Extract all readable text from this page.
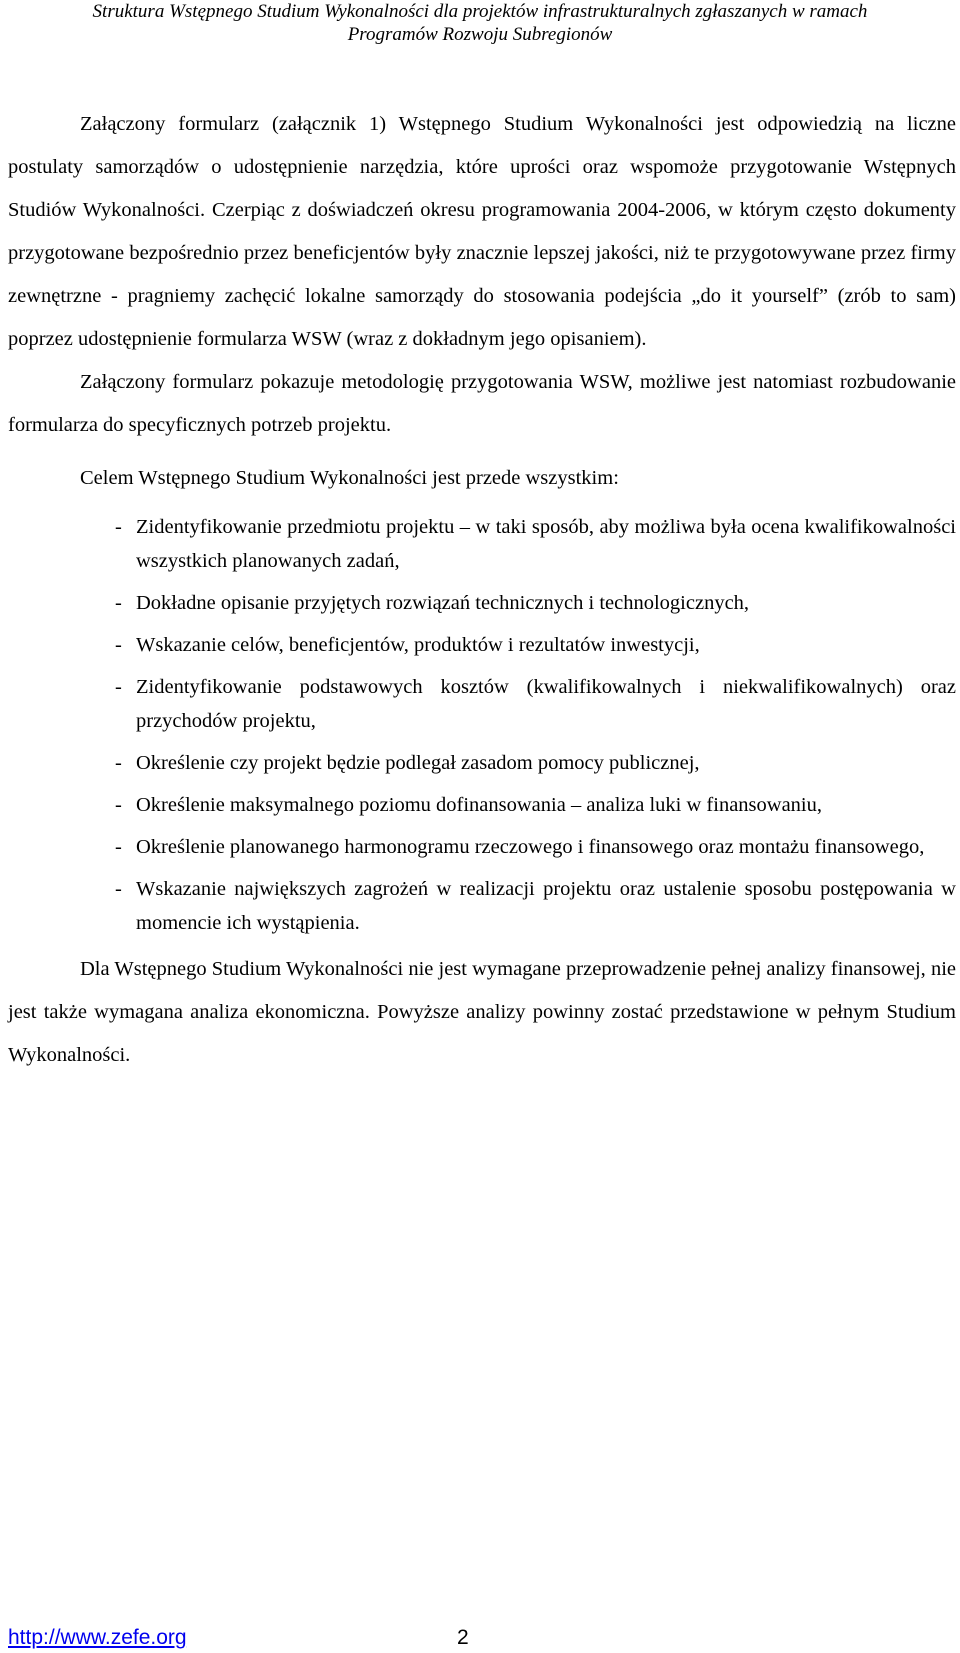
Struktura Wstępnego Studium Wykonalności dla projektów infrastrukturalnych zgłaszanych w ramach
Programów Rozwoju Subregionów

Załączony formularz (załącznik 1) Wstępnego Studium Wykonalności jest odpowiedzią na liczne postulaty samorządów o udostępnienie narzędzia, które uprości oraz wspomoże przygotowanie Wstępnych Studiów Wykonalności. Czerpiąc z doświadczeń okresu programowania 2004-2006, w którym często dokumenty przygotowane bezpośrednio przez beneficjentów były znacznie lepszej jakości, niż te przygotowywane przez firmy zewnętrzne - pragniemy zachęcić lokalne samorządy do stosowania podejścia „do it yourself” (zrób to sam) poprzez udostępnienie formularza WSW (wraz z dokładnym jego opisaniem).

Załączony formularz pokazuje metodologię przygotowania WSW, możliwe jest natomiast rozbudowanie formularza do specyficznych potrzeb projektu.

Celem Wstępnego Studium Wykonalności jest przede wszystkim:

- Zidentyfikowanie przedmiotu projektu – w taki sposób, aby możliwa była ocena kwalifikowalności wszystkich planowanych zadań,
- Dokładne opisanie przyjętych rozwiązań technicznych i technologicznych,
- Wskazanie celów, beneficjentów, produktów i rezultatów inwestycji,
- Zidentyfikowanie podstawowych kosztów (kwalifikowalnych i niekwalifikowalnych) oraz przychodów projektu,
- Określenie czy projekt będzie podlegał zasadom pomocy publicznej,
- Określenie maksymalnego poziomu dofinansowania – analiza luki w finansowaniu,
- Określenie planowanego harmonogramu rzeczowego i finansowego oraz montażu finansowego,
- Wskazanie największych zagrożeń w realizacji projektu oraz ustalenie sposobu postępowania w momencie ich wystąpienia.

Dla Wstępnego Studium Wykonalności nie jest wymagane przeprowadzenie pełnej analizy finansowej, nie jest także wymagana analiza ekonomiczna. Powyższe analizy powinny zostać przedstawione w pełnym Studium Wykonalności.

http://www.zefe.org	2
